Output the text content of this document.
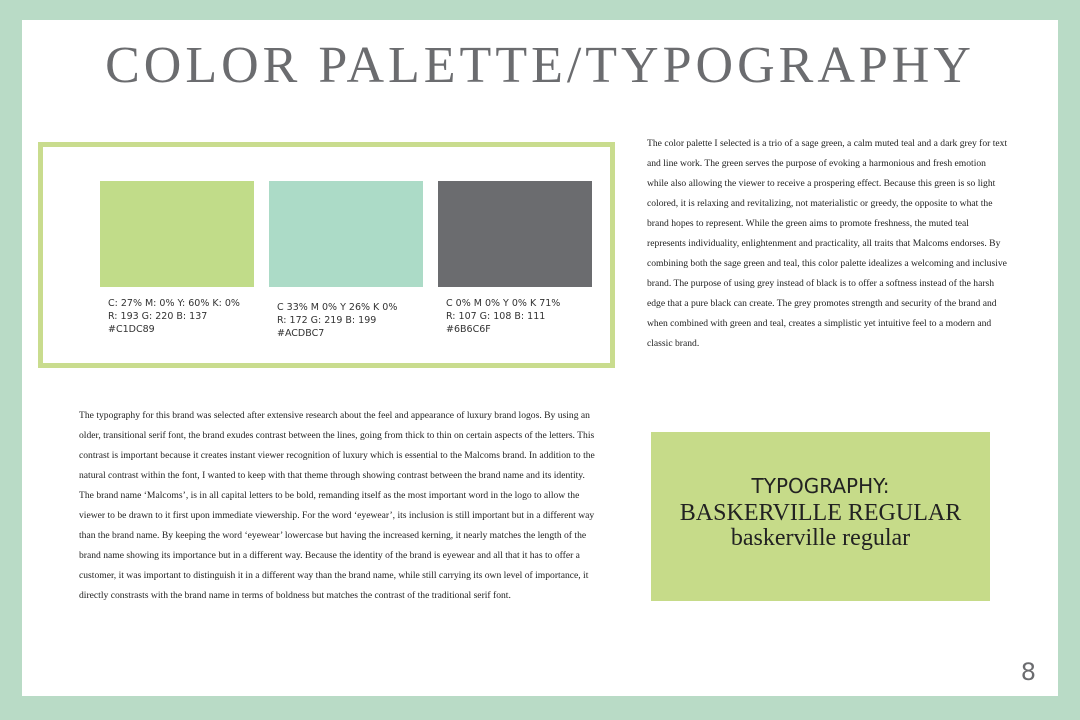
COLOR PALETTE/TYPOGRAPHY
C: 27% M: 0% Y: 60% K: 0%
R: 193 G: 220 B: 137
#C1DC89
C 33% M 0% Y 26% K 0%
R: 172 G: 219 B: 199
#ACDBC7
C 0% M 0% Y 0% K 71%
R: 107 G: 108 B: 111
#6B6C6F

The color palette I selected is a trio of a sage green, a calm muted teal and a dark grey for text and line work. The green serves the purpose of evoking a harmonious and fresh emotion while also allowing the viewer to receive a prospering effect. Because this green is so light colored, it is relaxing and revitalizing, not materialistic or greedy, the opposite to what the brand hopes to represent. While the green aims to promote freshness, the muted teal represents individuality, enlightenment and practicality, all traits that Malcoms endorses. By combining both the sage green and teal, this color palette idealizes a welcoming and inclusive brand. The purpose of using grey instead of black is to offer a softness instead of the harsh edge that a pure black can create. The grey promotes strength and security of the brand and when combined with green and teal, creates a simplistic yet intuitive feel to a modern and classic brand.

The typography for this brand was selected after extensive research about the feel and appearance of luxury brand logos. By using an older, transitional serif font, the brand exudes contrast between the lines, going from thick to thin on certain aspects of the letters. This contrast is important because it creates instant viewer recognition of luxury which is essential to the Malcoms brand. In addition to the natural contrast within the font, I wanted to keep with that theme through showing contrast between the brand name and its identity. The brand name ‘Malcoms’, is in all capital letters to be bold, remanding itself as the most important word in the logo to allow the viewer to be drawn to it first upon immediate viewership. For the word ‘eyewear’, its inclusion is still important but in a different way than the brand name. By keeping the word ‘eyewear’ lowercase but having the increased kerning, it nearly matches the length of the brand name showing its importance but in a different way. Because the identity of the brand is eyewear and all that it has to offer a customer, it was important to distinguish it in a different way than the brand name, while still carrying its own level of importance, it directly constrasts with the brand name in terms of boldness but matches the contrast of the traditional serif font.

TYPOGRAPHY:
BASKERVILLE REGULAR
baskerville regular
8
